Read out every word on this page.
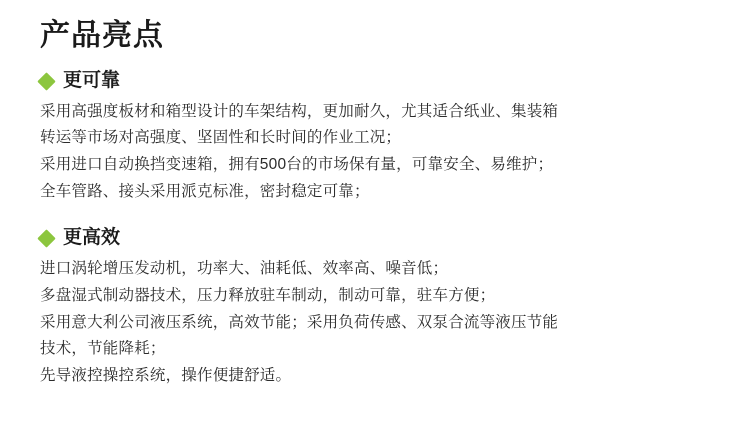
产品亮点
更可靠
采用高强度板材和箱型设计的车架结构，更加耐久，尤其适合纸业、集装箱
转运等市场对高强度、坚固性和长时间的作业工况；
采用进口自动换挡变速箱，拥有500台的市场保有量，可靠安全、易维护；
全车管路、接头采用派克标准，密封稳定可靠；
更高效
进口涡轮增压发动机，功率大、油耗低、效率高、噪音低；
多盘湿式制动器技术，压力释放驻车制动，制动可靠，驻车方便；
采用意大利公司液压系统，高效节能；采用负荷传感、双泵合流等液压节能
技术，节能降耗；
先导液控操控系统，操作便捷舒适。
